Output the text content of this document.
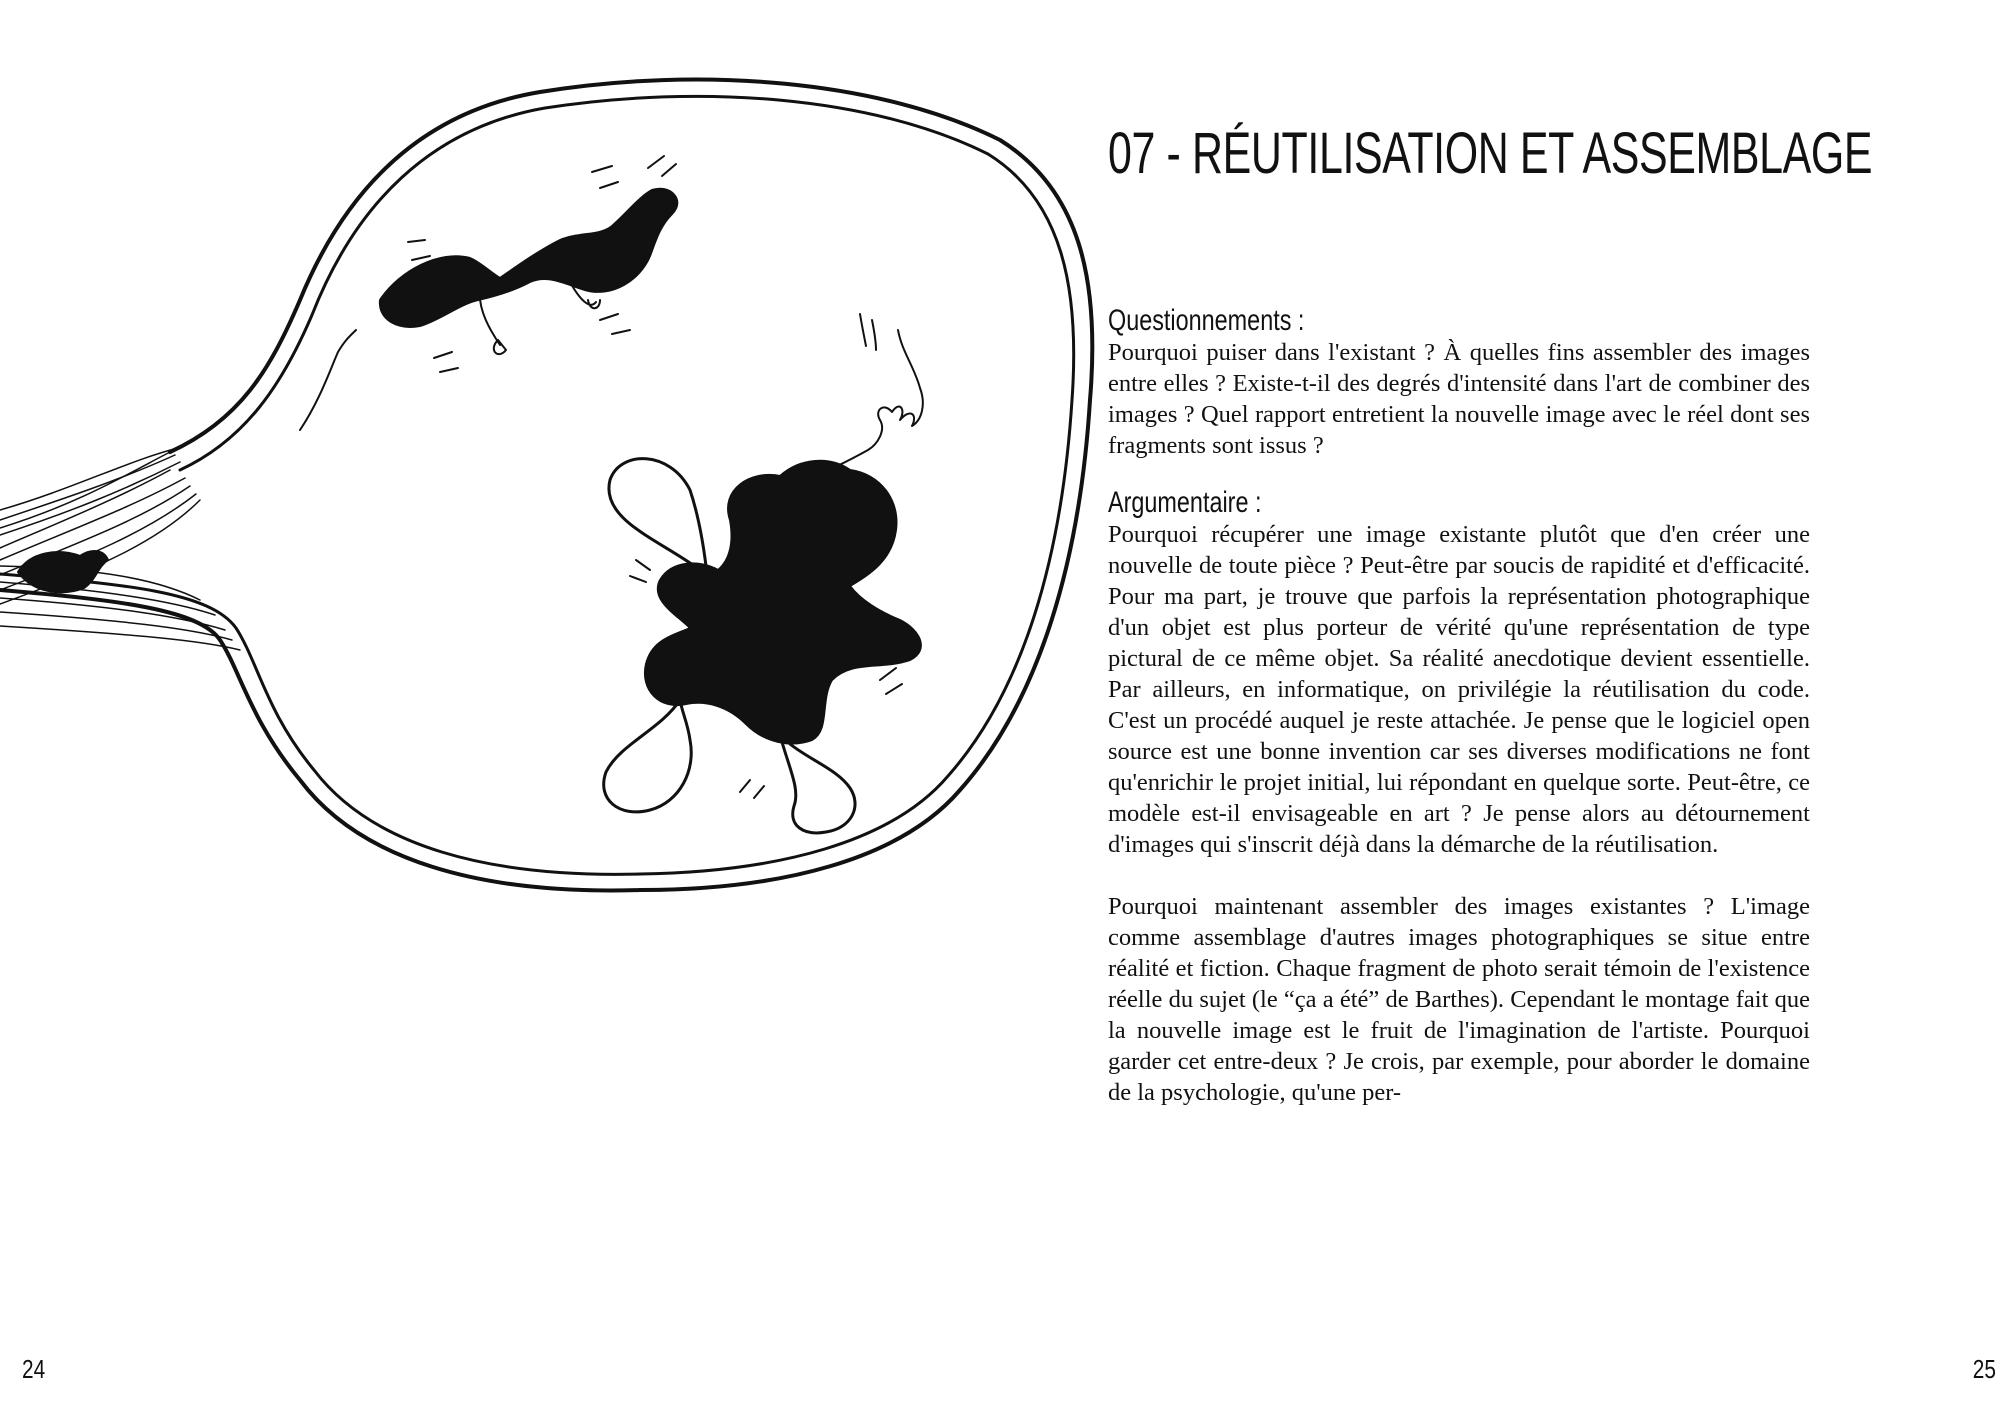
07 - RÉUTILISATION ET ASSEMBLAGE
Questionnements :

Pourquoi puiser dans l'existant ? À quelles fins assembler des images entre elles ? Existe-t-il des degrés d'intensité dans l'art de combiner des images ? Quel rapport entretient la nouvelle image avec le réel dont ses fragments sont issus ?

Argumentaire :

Pourquoi récupérer une image existante plutôt que d'en créer une nouvelle de toute pièce ? Peut-être par soucis de rapidité et d'efficacité. Pour ma part, je trouve que parfois la représentation photographique d'un objet est plus porteur de vérité qu'une représentation de type pictural de ce même objet. Sa réalité anecdotique devient essentielle. Par ailleurs, en informatique, on privilégie la réutilisation du code. C'est un procédé auquel je reste attachée. Je pense que le logiciel open source est une bonne invention car ses diverses modifications ne font qu'enrichir le projet initial, lui répondant en quelque sorte. Peut-être, ce modèle est-il envisageable en art ? Je pense alors au détournement d'images qui s'inscrit déjà dans la démarche de la réutilisation.

Pourquoi maintenant assembler des images existantes ? L'image comme assemblage d'autres images photographiques se situe entre réalité et fiction. Chaque fragment de photo serait témoin de l'existence réelle du sujet (le “ça a été” de Barthes). Cependant le montage fait que la nouvelle image est le fruit de l'imagination de l'artiste. Pourquoi garder cet entre-deux ? Je crois, par exemple, pour aborder le domaine de la psychologie, qu'une per-

24	25
